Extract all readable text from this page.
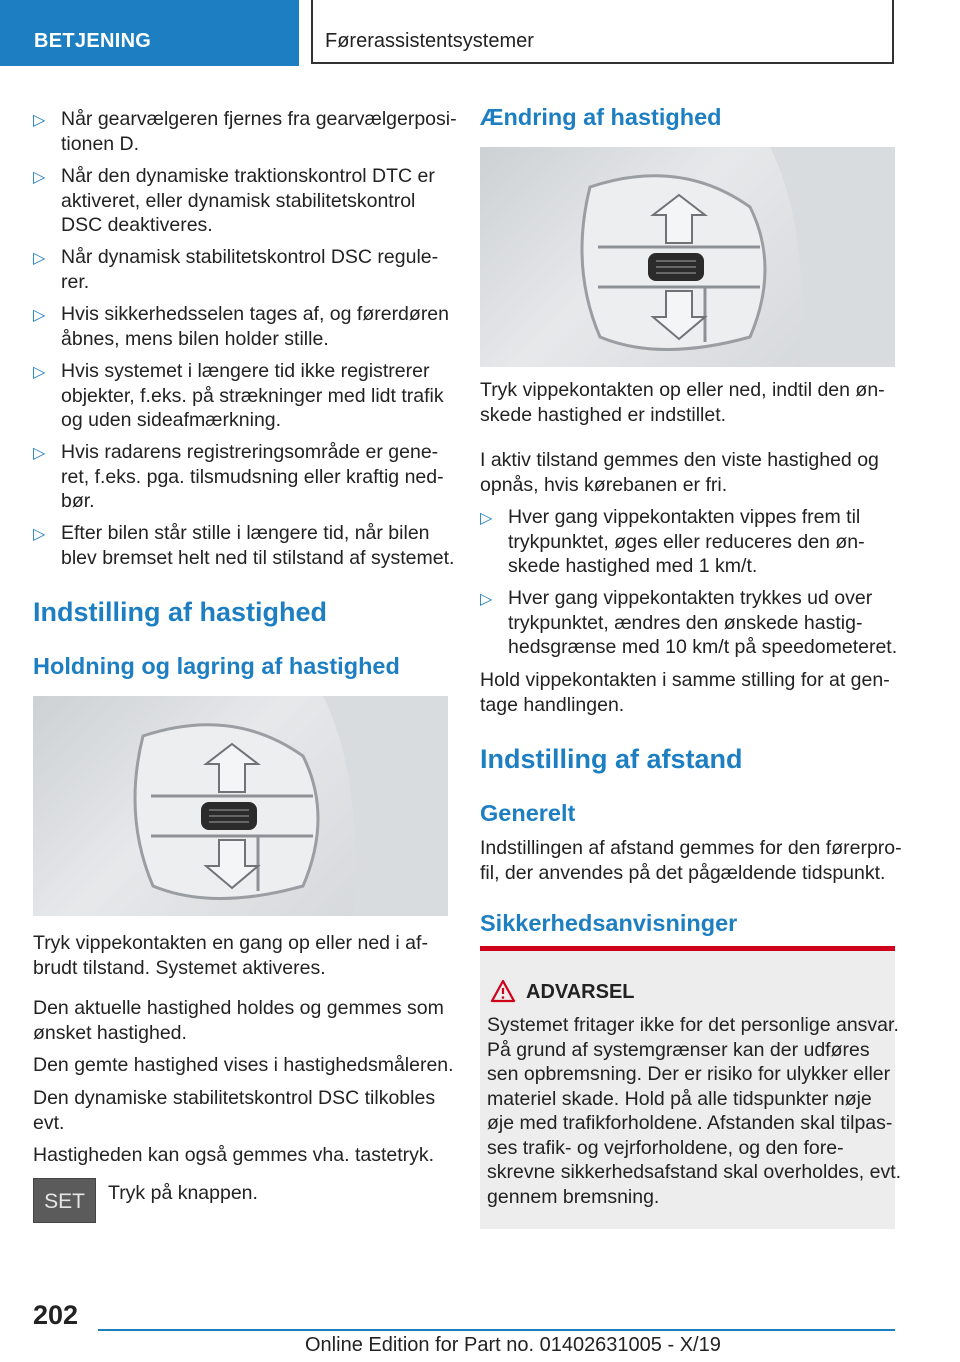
BETJENING	Førerassistentsystemer
▷ Når gearvælgeren fjernes fra gearvælgerposi-
tionen D.
▷ Når den dynamiske traktionskontrol DTC er
aktiveret, eller dynamisk stabilitetskontrol
DSC deaktiveres.
▷ Når dynamisk stabilitetskontrol DSC regule-
rer.
▷ Hvis sikkerhedsselen tages af, og førerdøren
åbnes, mens bilen holder stille.
▷ Hvis systemet i længere tid ikke registrerer
objekter, f.eks. på strækninger med lidt trafik
og uden sideafmærkning.
▷ Hvis radarens registreringsområde er gene-
ret, f.eks. pga. tilsmudsning eller kraftig ned-
bør.
▷ Efter bilen står stille i længere tid, når bilen
blev bremset helt ned til stilstand af systemet.
Indstilling af hastighed
Holdning og lagring af hastighed
Tryk vippekontakten en gang op eller ned i af-
brudt tilstand. Systemet aktiveres.
Den aktuelle hastighed holdes og gemmes som
ønsket hastighed.
Den gemte hastighed vises i hastighedsmåleren.
Den dynamiske stabilitetskontrol DSC tilkobles
evt.
Hastigheden kan også gemmes vha. tastetryk.
SET	Tryk på knappen.
Ændring af hastighed
Tryk vippekontakten op eller ned, indtil den øn-
skede hastighed er indstillet.
I aktiv tilstand gemmes den viste hastighed og
opnås, hvis kørebanen er fri.
▷ Hver gang vippekontakten vippes frem til
trykpunktet, øges eller reduceres den øn-
skede hastighed med 1 km/t.
▷ Hver gang vippekontakten trykkes ud over
trykpunktet, ændres den ønskede hastig-
hedsgrænse med 10 km/t på speedometeret.
Hold vippekontakten i samme stilling for at gen-
tage handlingen.
Indstilling af afstand
Generelt
Indstillingen af afstand gemmes for den førerpro-
fil, der anvendes på det pågældende tidspunkt.
Sikkerhedsanvisninger
ADVARSEL
Systemet fritager ikke for det personlige ansvar.
På grund af systemgrænser kan der udføres
sen opbremsning. Der er risiko for ulykker eller
materiel skade. Hold på alle tidspunkter nøje
øje med trafikforholdene. Afstanden skal tilpas-
ses trafik- og vejrforholdene, og den fore-
skrevne sikkerhedsafstand skal overholdes, evt.
gennem bremsning.
202
Online Edition for Part no. 01402631005 - X/19
